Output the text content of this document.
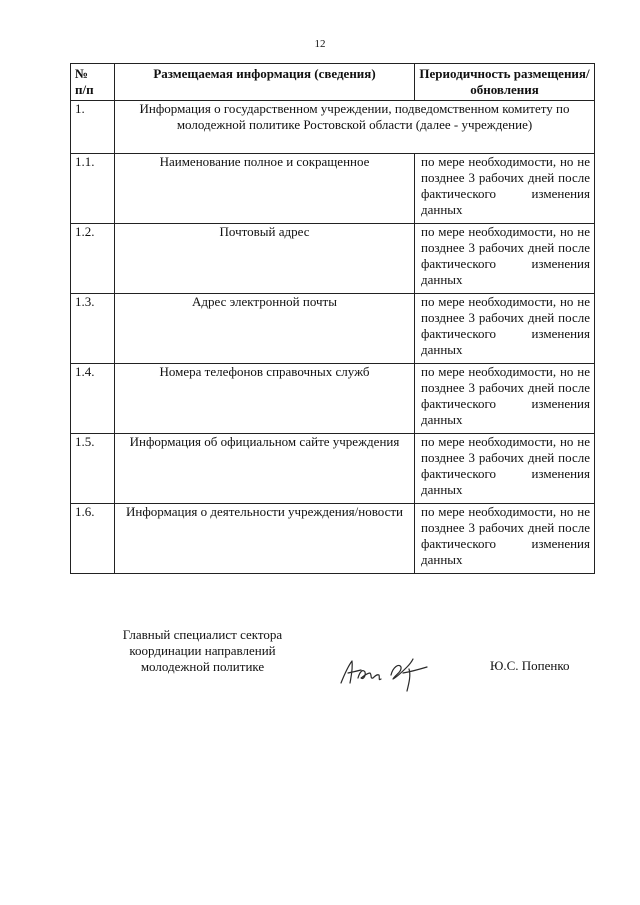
12
№
п/п	Размещаемая информация (сведения)	Периодичность размещения/обновления
1.	Информация о государственном учреждении, подведомственном комитету по молодежной политике Ростовской области (далее - учреждение)	
1.1.	Наименование полное и сокращенное	по мере необходимости, но не позднее 3 рабочих дней после фактического изменения данных
1.2.	Почтовый адрес	по мере необходимости, но не позднее 3 рабочих дней после фактического изменения данных
1.3.	Адрес электронной почты	по мере необходимости, но не позднее 3 рабочих дней после фактического изменения данных
1.4.	Номера телефонов справочных служб	по мере необходимости, но не позднее 3 рабочих дней после фактического изменения данных
1.5.	Информация об официальном сайте учреждения	по мере необходимости, но не позднее 3 рабочих дней после фактического изменения данных
1.6.	Информация о деятельности учреждения/новости	по мере необходимости, но не позднее 3 рабочих дней после фактического изменения данных
Главный специалист сектора
координации направлений
молодежной политике	Ю.С. Попенко
